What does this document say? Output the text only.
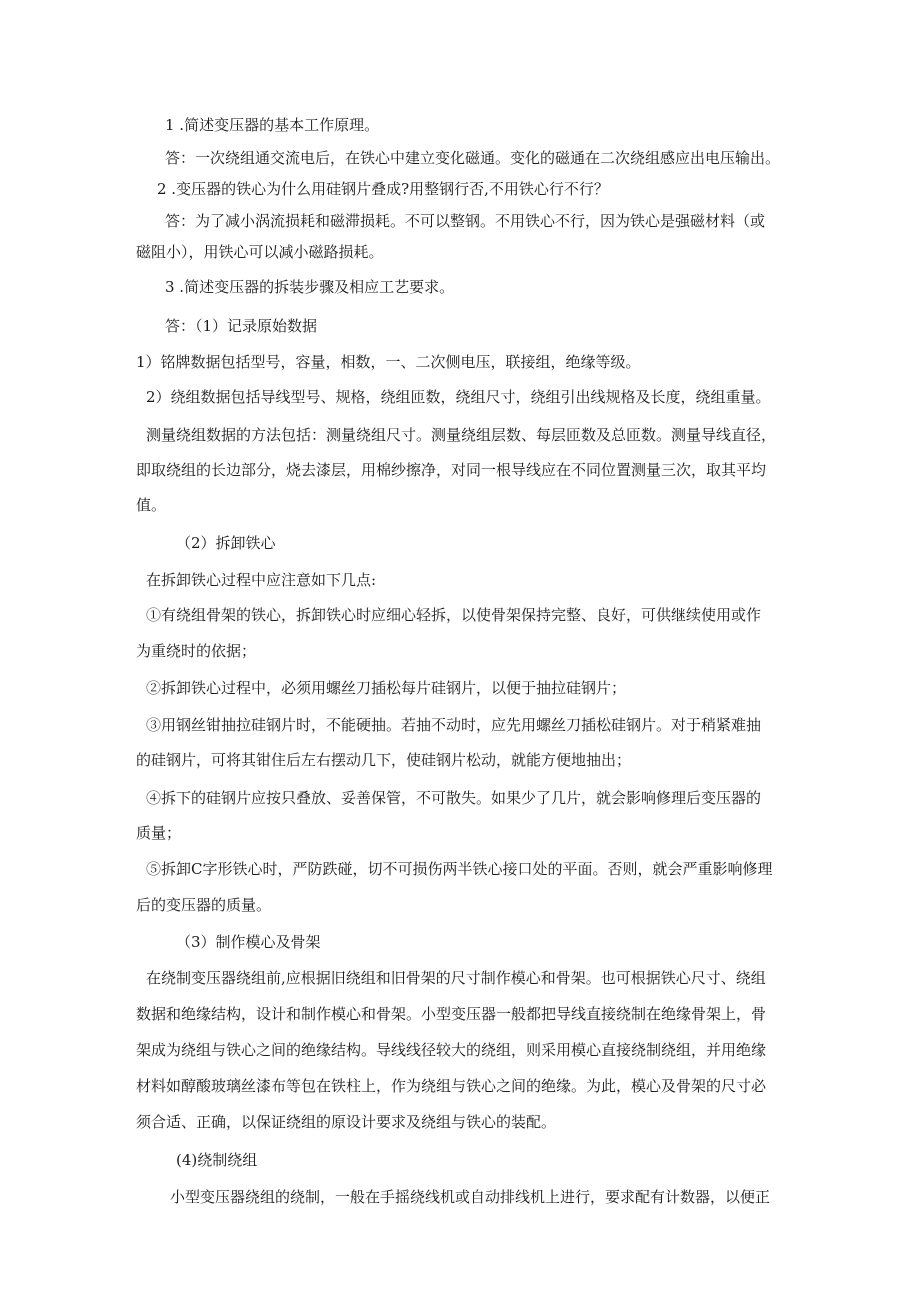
1 .简述变压器的基本工作原理。
答：一次绕组通交流电后，在铁心中建立变化磁通。变化的磁通在二次绕组感应出电压输出。
2 .变压器的铁心为什么用硅钢片叠成?用整钢行否,不用铁心行不行？
答：为了减小涡流损耗和磁滞损耗。不可以整钢。不用铁心不行，因为铁心是强磁材料（或
磁阻小），用铁心可以减小磁路损耗。
3 .简述变压器的拆装步骤及相应工艺要求。
答：（1）记录原始数据
1）铭牌数据包括型号，容量，相数，一、二次侧电压，联接组，绝缘等级。
2）绕组数据包括导线型号、规格，绕组匝数，绕组尺寸，绕组引出线规格及长度，绕组重量。
测量绕组数据的方法包括：测量绕组尺寸。测量绕组层数、每层匝数及总匝数。测量导线直径，
即取绕组的长边部分，烧去漆层，用棉纱擦净，对同一根导线应在不同位置测量三次，取其平均
值。
（2）拆卸铁心
在拆卸铁心过程中应注意如下几点:
①有绕组骨架的铁心，拆卸铁心时应细心轻拆，以使骨架保持完整、良好，可供继续使用或作
为重绕时的依据；
②拆卸铁心过程中，必须用螺丝刀插松每片硅钢片，以便于抽拉硅钢片；
③用钢丝钳抽拉硅钢片时，不能硬抽。若抽不动时，应先用螺丝刀插松硅钢片。对于稍紧难抽
的硅钢片，可将其钳住后左右摆动几下，使硅钢片松动，就能方便地抽出；
④拆下的硅钢片应按只叠放、妥善保管，不可散失。如果少了几片，就会影响修理后变压器的
质量；
⑤拆卸C字形铁心时，严防跌碰，切不可损伤两半铁心接口处的平面。否则，就会严重影响修理
后的变压器的质量。
（3）制作模心及骨架
在绕制变压器绕组前,应根据旧绕组和旧骨架的尺寸制作模心和骨架。也可根据铁心尺寸、绕组
数据和绝缘结构，设计和制作模心和骨架。小型变压器一般都把导线直接绕制在绝缘骨架上，骨
架成为绕组与铁心之间的绝缘结构。导线线径较大的绕组，则采用模心直接绕制绕组，并用绝缘
材料如醇酸玻璃丝漆布等包在铁柱上，作为绕组与铁心之间的绝缘。为此，模心及骨架的尺寸必
须合适、正确，以保证绕组的原设计要求及绕组与铁心的装配。
(4)绕制绕组
小型变压器绕组的绕制，一般在手摇绕线机或自动排线机上进行，要求配有计数器，以便正
